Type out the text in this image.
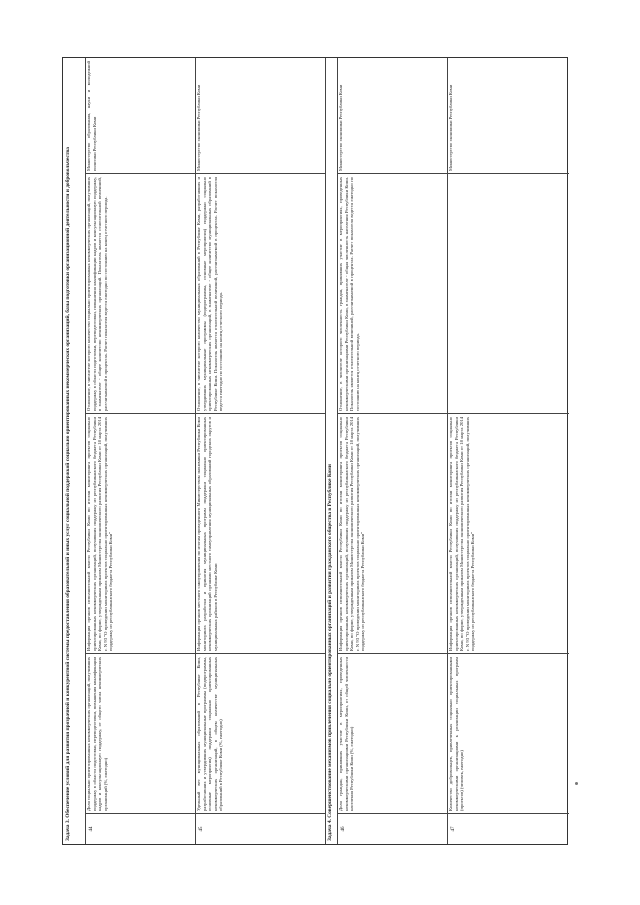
Задача 3. Обеспечение условий для развития прозрачной и конкурентной системы предоставления образовательной и иных услуг социальной поддержкой социально ориентированных некоммерческих организаций, базы подготовки организационной деятельности и добровольчества	44
Доля социально ориентированных некоммерческих организаций, получивших поддержку в области подготовки, переподготовки, повышения квалификации кадров и консультационную поддержку, от общего числа некоммерческих организаций (%, ежегодно)
Информация органов исполнительной власти Республики Коми по итогам мониторинга проектов социально ориентированных некоммерческих организаций, получивших поддержку из республиканского бюджета Республики Коми, по форме, утвержденным приказом Министерства экономического развития Республики Коми от 18 марта 2014 г. N 93 "О проведении мониторинга проектов социально ориентированных некоммерческих организаций, получивших поддержку из республиканского бюджета Республики Коми"
Отношение, в числителе которого количество социально ориентированных некоммерческих организаций, получивших поддержку в области подготовки, переподготовки, повышения квалификации кадров и консультационную поддержку, в знаменателе - общее количество некоммерческих организаций. Показатель является относительной величиной, рассчитываемой в процентах. Расчет показателя ведется ежегодно по состоянию на конец отчетного периода.
Министерство образования, науки и молодежной политики Республики Коми
45
Удельный вес муниципальных образований в Республике Коми, разработавших и утвердивших муниципальные программы (подпрограммы, основные мероприятия) поддержки социально ориентированных некоммерческих организаций, в общем количестве муниципальных образований в Республике Коми (%, ежегодно)
Информация органов местного самоуправления по итогам проведенного Министерством экономики Республики Коми мониторинга разработки и принятия муниципальных программ поддержки социально ориентированных некоммерческих организаций органами местного самоуправления муниципальных образований городских округов и муниципальных районов в Республике Коми
Отношение, в числителе которого количество муниципальных образований в Республике Коми, разработавших и утвердивших муниципальные программы (подпрограммы, основные мероприятия) поддержки социально ориентированных некоммерческих организаций, в знаменателе - общее количество муниципальных образований в Республике Коми. Показатель является относительной величиной, рассчитываемой в процентах. Расчет показателя ведется ежегодно по состоянию на конец отчетного периода.
Министерство экономики Республики Коми
Задача 4. Совершенствование механизмов привлечения социально ориентированных организаций и развития гражданского общества в Республике Коми	46
Доля граждан, принявших участие в мероприятиях, проведенных некоммерческими организациями Республики Коми, от общей численности населения Республики Коми (%, ежегодно)
Информация органов исполнительной власти Республики Коми по итогам мониторинга проектов социально ориентированных некоммерческих организаций, получивших поддержку из республиканского бюджета Республики Коми, по форме, утвержденным приказом Министерства экономического развития Республики Коми от 18 марта 2014 г. N 93 "О проведении мониторинга проектов социально ориентированных некоммерческих организаций, получивших поддержку из республиканского бюджета Республики Коми"
Отношение, в числителе которого численность граждан, принявших участие в мероприятиях, проведенных некоммерческими организациями Республики Коми, в знаменателе - общая численность населения Республики Коми. Показатель является относительной величиной, рассчитываемой в процентах. Расчет показателя ведется ежегодно по состоянию на конец отчетного периода.
Министерство экономики Республики Коми
47
Количество добровольцев, привлеченных социально ориентированными некоммерческими организациями к реализации социальных программ (проектов) (человек, ежегодно)
Информация органов исполнительной власти Республики Коми по итогам мониторинга проектов социально ориентированных некоммерческих организаций, получивших поддержку из республиканского бюджета Республики Коми, по форме, утвержденным приказом Министерства экономического развития Республики Коми от 18 марта 2014 г. N 93 "О проведении мониторинга проектов социально ориентированных некоммерческих организаций, получивших поддержку из республиканского бюджета Республики Коми"
Министерство экономики Республики Коми
